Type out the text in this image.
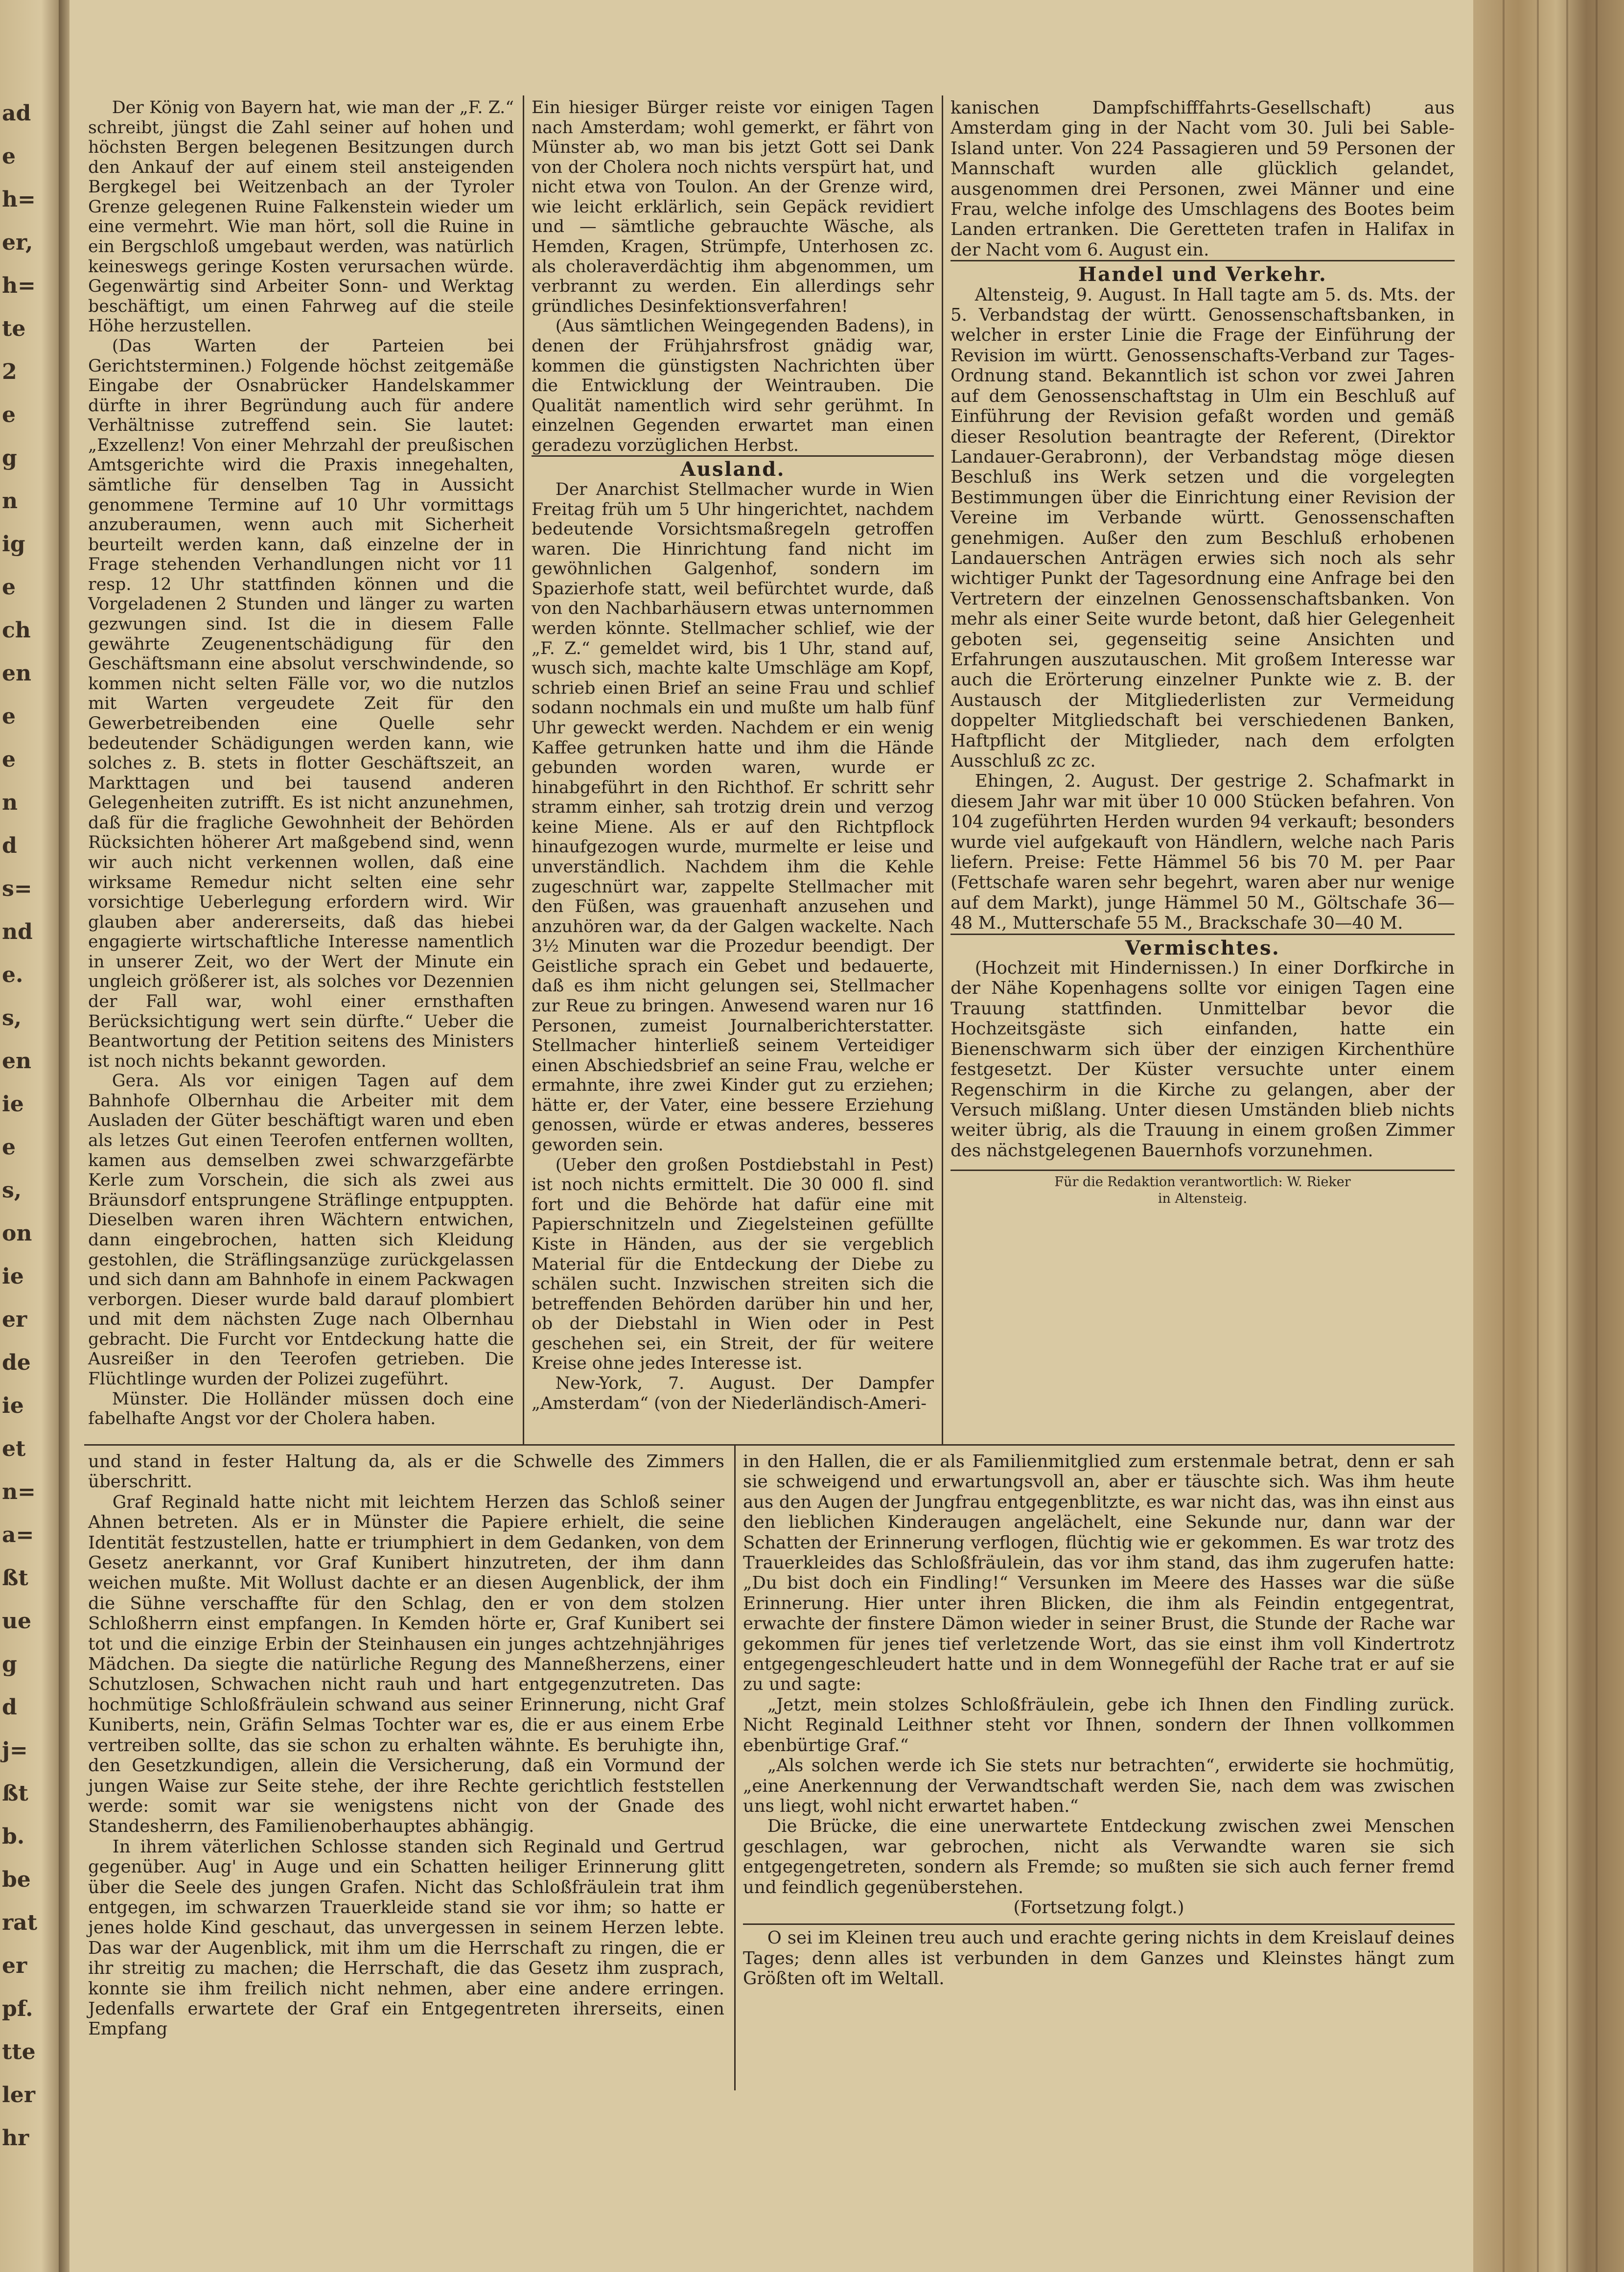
ad
e
h=
er,
h=
te
2
e
g
n
ig
e
ch
en
e
e
n
d
s=
nd
e.
s,
en
ie
e
s,
on
ie
er
de
ie
et
n=
a=
ßt
ue
g
d
j=
ßt
b.
be
rat
er
pf.
tte
ler
hr

Der König von Bayern hat, wie man der „F. Z.“ schreibt, jüngst die Zahl seiner auf hohen und höchsten Bergen belegenen Besitzungen durch den Ankauf der auf einem steil ansteigenden Bergkegel bei Weitzenbach an der Tyroler Grenze gelegenen Ruine Falkenstein wieder um eine vermehrt. Wie man hört, soll die Ruine in ein Bergschloß umgebaut werden, was natürlich keineswegs geringe Kosten verursachen würde. Gegenwärtig sind Arbeiter Sonn- und Werktag beschäftigt, um einen Fahrweg auf die steile Höhe herzustellen.

(Das Warten der Parteien bei Gerichtsterminen.) Folgende höchst zeitgemäße Eingabe der Osnabrücker Handelskammer dürfte in ihrer Begründung auch für andere Verhältnisse zutreffend sein. Sie lautet: „Exzellenz! Von einer Mehrzahl der preußischen Amtsgerichte wird die Praxis innegehalten, sämtliche für denselben Tag in Aussicht genommene Termine auf 10 Uhr vormittags anzuberaumen, wenn auch mit Sicherheit beurteilt werden kann, daß einzelne der in Frage stehenden Verhandlungen nicht vor 11 resp. 12 Uhr stattfinden können und die Vorgeladenen 2 Stunden und länger zu warten gezwungen sind. Ist die in diesem Falle gewährte Zeugenentschädigung für den Geschäftsmann eine absolut verschwindende, so kommen nicht selten Fälle vor, wo die nutzlos mit Warten vergeudete Zeit für den Gewerbetreibenden eine Quelle sehr bedeutender Schädigungen werden kann, wie solches z. B. stets in flotter Geschäftszeit, an Markttagen und bei tausend anderen Gelegenheiten zutrifft. Es ist nicht anzunehmen, daß für die fragliche Gewohnheit der Behörden Rücksichten höherer Art maßgebend sind, wenn wir auch nicht verkennen wollen, daß eine wirksame Remedur nicht selten eine sehr vorsichtige Ueberlegung erfordern wird. Wir glauben aber andererseits, daß das hiebei engagierte wirtschaftliche Interesse namentlich in unserer Zeit, wo der Wert der Minute ein ungleich größerer ist, als solches vor Dezennien der Fall war, wohl einer ernsthaften Berücksichtigung wert sein dürfte.“ Ueber die Beantwortung der Petition seitens des Ministers ist noch nichts bekannt geworden.

Gera. Als vor einigen Tagen auf dem Bahnhofe Olbernhau die Arbeiter mit dem Ausladen der Güter beschäftigt waren und eben als letzes Gut einen Teerofen entfernen wollten, kamen aus demselben zwei schwarzgefärbte Kerle zum Vorschein, die sich als zwei aus Bräunsdorf entsprungene Sträflinge entpuppten. Dieselben waren ihren Wächtern entwichen, dann eingebrochen, hatten sich Kleidung gestohlen, die Sträflingsanzüge zurückgelassen und sich dann am Bahnhofe in einem Packwagen verborgen. Dieser wurde bald darauf plombiert und mit dem nächsten Zuge nach Olbernhau gebracht. Die Furcht vor Entdeckung hatte die Ausreißer in den Teerofen getrieben. Die Flüchtlinge wurden der Polizei zugeführt.

Münster. Die Holländer müssen doch eine fabelhafte Angst vor der Cholera haben.

Ein hiesiger Bürger reiste vor einigen Tagen nach Amsterdam; wohl gemerkt, er fährt von Münster ab, wo man bis jetzt Gott sei Dank von der Cholera noch nichts verspürt hat, und nicht etwa von Toulon. An der Grenze wird, wie leicht erklärlich, sein Gepäck revidiert und — sämtliche gebrauchte Wäsche, als Hemden, Kragen, Strümpfe, Unterhosen zc. als choleraverdächtig ihm abgenommen, um verbrannt zu werden. Ein allerdings sehr gründliches Desinfektionsverfahren!

(Aus sämtlichen Weingegenden Badens), in denen der Frühjahrsfrost gnädig war, kommen die günstigsten Nachrichten über die Entwicklung der Weintrauben. Die Qualität namentlich wird sehr gerühmt. In einzelnen Gegenden erwartet man einen geradezu vorzüglichen Herbst.

Ausland.

Der Anarchist Stellmacher wurde in Wien Freitag früh um 5 Uhr hingerichtet, nachdem bedeutende Vorsichtsmaßregeln getroffen waren. Die Hinrichtung fand nicht im gewöhnlichen Galgenhof, sondern im Spazierhofe statt, weil befürchtet wurde, daß von den Nachbarhäusern etwas unternommen werden könnte. Stellmacher schlief, wie der „F. Z.“ gemeldet wird, bis 1 Uhr, stand auf, wusch sich, machte kalte Umschläge am Kopf, schrieb einen Brief an seine Frau und schlief sodann nochmals ein und mußte um halb fünf Uhr geweckt werden. Nachdem er ein wenig Kaffee getrunken hatte und ihm die Hände gebunden worden waren, wurde er hinabgeführt in den Richthof. Er schritt sehr stramm einher, sah trotzig drein und verzog keine Miene. Als er auf den Richtpflock hinaufgezogen wurde, murmelte er leise und unverständlich. Nachdem ihm die Kehle zugeschnürt war, zappelte Stellmacher mit den Füßen, was grauenhaft anzusehen und anzuhören war, da der Galgen wackelte. Nach 3½ Minuten war die Prozedur beendigt. Der Geistliche sprach ein Gebet und bedauerte, daß es ihm nicht gelungen sei, Stellmacher zur Reue zu bringen. Anwesend waren nur 16 Personen, zumeist Journalberichterstatter. Stellmacher hinterließ seinem Verteidiger einen Abschiedsbrief an seine Frau, welche er ermahnte, ihre zwei Kinder gut zu erziehen; hätte er, der Vater, eine bessere Erziehung genossen, würde er etwas anderes, besseres geworden sein.

(Ueber den großen Postdiebstahl in Pest) ist noch nichts ermittelt. Die 30 000 fl. sind fort und die Behörde hat dafür eine mit Papierschnitzeln und Ziegelsteinen gefüllte Kiste in Händen, aus der sie vergeblich Material für die Entdeckung der Diebe zu schälen sucht. Inzwischen streiten sich die betreffenden Behörden darüber hin und her, ob der Diebstahl in Wien oder in Pest geschehen sei, ein Streit, der für weitere Kreise ohne jedes Interesse ist.

New-York, 7. August. Der Dampfer „Amsterdam“ (von der Niederländisch-Ameri-

kanischen Dampfschifffahrts-Gesellschaft) aus Amsterdam ging in der Nacht vom 30. Juli bei Sable-Island unter. Von 224 Passagieren und 59 Personen der Mannschaft wurden alle glücklich gelandet, ausgenommen drei Personen, zwei Männer und eine Frau, welche infolge des Umschlagens des Bootes beim Landen ertranken. Die Geretteten trafen in Halifax in der Nacht vom 6. August ein.

Handel und Verkehr.

Altensteig, 9. August. In Hall tagte am 5. ds. Mts. der 5. Verbandstag der württ. Genossenschaftsbanken, in welcher in erster Linie die Frage der Einführung der Revision im württ. Genossenschafts-Verband zur Tages-Ordnung stand. Bekanntlich ist schon vor zwei Jahren auf dem Genossenschaftstag in Ulm ein Beschluß auf Einführung der Revision gefaßt worden und gemäß dieser Resolution beantragte der Referent, (Direktor Landauer-Gerabronn), der Verbandstag möge diesen Beschluß ins Werk setzen und die vorgelegten Bestimmungen über die Einrichtung einer Revision der Vereine im Verbande württ. Genossenschaften genehmigen. Außer den zum Beschluß erhobenen Landauerschen Anträgen erwies sich noch als sehr wichtiger Punkt der Tagesordnung eine Anfrage bei den Vertretern der einzelnen Genossenschaftsbanken. Von mehr als einer Seite wurde betont, daß hier Gelegenheit geboten sei, gegenseitig seine Ansichten und Erfahrungen auszutauschen. Mit großem Interesse war auch die Erörterung einzelner Punkte wie z. B. der Austausch der Mitgliederlisten zur Vermeidung doppelter Mitgliedschaft bei verschiedenen Banken, Haftpflicht der Mitglieder, nach dem erfolgten Ausschluß zc zc.

Ehingen, 2. August. Der gestrige 2. Schafmarkt in diesem Jahr war mit über 10 000 Stücken befahren. Von 104 zugeführten Herden wurden 94 verkauft; besonders wurde viel aufgekauft von Händlern, welche nach Paris liefern. Preise: Fette Hämmel 56 bis 70 M. per Paar (Fettschafe waren sehr begehrt, waren aber nur wenige auf dem Markt), junge Hämmel 50 M., Göltschafe 36—48 M., Mutterschafe 55 M., Brackschafe 30—40 M.

Vermischtes.

(Hochzeit mit Hindernissen.) In einer Dorfkirche in der Nähe Kopenhagens sollte vor einigen Tagen eine Trauung stattfinden. Unmittelbar bevor die Hochzeitsgäste sich einfanden, hatte ein Bienenschwarm sich über der einzigen Kirchenthüre festgesetzt. Der Küster versuchte unter einem Regenschirm in die Kirche zu gelangen, aber der Versuch mißlang. Unter diesen Umständen blieb nichts weiter übrig, als die Trauung in einem großen Zimmer des nächstgelegenen Bauernhofs vorzunehmen.

Für die Redaktion verantwortlich: W. Rieker

in Altensteig.

und stand in fester Haltung da, als er die Schwelle des Zimmers überschritt.

Graf Reginald hatte nicht mit leichtem Herzen das Schloß seiner Ahnen betreten. Als er in Münster die Papiere erhielt, die seine Identität festzustellen, hatte er triumphiert in dem Gedanken, von dem Gesetz anerkannt, vor Graf Kunibert hinzutreten, der ihm dann weichen mußte. Mit Wollust dachte er an diesen Augenblick, der ihm die Sühne verschaffte für den Schlag, den er von dem stolzen Schloßherrn einst empfangen. In Kemden hörte er, Graf Kunibert sei tot und die einzige Erbin der Steinhausen ein junges achtzehnjähriges Mädchen. Da siegte die natürliche Regung des Manneßherzens, einer Schutzlosen, Schwachen nicht rauh und hart entgegenzutreten. Das hochmütige Schloßfräulein schwand aus seiner Erinnerung, nicht Graf Kuniberts, nein, Gräfin Selmas Tochter war es, die er aus einem Erbe vertreiben sollte, das sie schon zu erhalten wähnte. Es beruhigte ihn, den Gesetzkundigen, allein die Versicherung, daß ein Vormund der jungen Waise zur Seite stehe, der ihre Rechte gerichtlich feststellen werde: somit war sie wenigstens nicht von der Gnade des Standesherrn, des Familienoberhauptes abhängig.

In ihrem väterlichen Schlosse standen sich Reginald und Gertrud gegenüber. Aug' in Auge und ein Schatten heiliger Erinnerung glitt über die Seele des jungen Grafen. Nicht das Schloßfräulein trat ihm entgegen, im schwarzen Trauerkleide stand sie vor ihm; so hatte er jenes holde Kind geschaut, das unvergessen in seinem Herzen lebte. Das war der Augenblick, mit ihm um die Herrschaft zu ringen, die er ihr streitig zu machen; die Herrschaft, die das Gesetz ihm zusprach, konnte sie ihm freilich nicht nehmen, aber eine andere erringen. Jedenfalls erwartete der Graf ein Entgegentreten ihrerseits, einen Empfang

in den Hallen, die er als Familienmitglied zum erstenmale betrat, denn er sah sie schweigend und erwartungsvoll an, aber er täuschte sich. Was ihm heute aus den Augen der Jungfrau entgegenblitzte, es war nicht das, was ihn einst aus den lieblichen Kinderaugen angelächelt, eine Sekunde nur, dann war der Schatten der Erinnerung verflogen, flüchtig wie er gekommen. Es war trotz des Trauerkleides das Schloßfräulein, das vor ihm stand, das ihm zugerufen hatte: „Du bist doch ein Findling!“ Versunken im Meere des Hasses war die süße Erinnerung. Hier unter ihren Blicken, die ihm als Feindin entgegentrat, erwachte der finstere Dämon wieder in seiner Brust, die Stunde der Rache war gekommen für jenes tief verletzende Wort, das sie einst ihm voll Kindertrotz entgegengeschleudert hatte und in dem Wonnegefühl der Rache trat er auf sie zu und sagte:

„Jetzt, mein stolzes Schloßfräulein, gebe ich Ihnen den Findling zurück. Nicht Reginald Leithner steht vor Ihnen, sondern der Ihnen vollkommen ebenbürtige Graf.“

„Als solchen werde ich Sie stets nur betrachten“, erwiderte sie hochmütig, „eine Anerkennung der Verwandtschaft werden Sie, nach dem was zwischen uns liegt, wohl nicht erwartet haben.“

Die Brücke, die eine unerwartete Entdeckung zwischen zwei Menschen geschlagen, war gebrochen, nicht als Verwandte waren sie sich entgegengetreten, sondern als Fremde; so mußten sie sich auch ferner fremd und feindlich gegenüberstehen.

(Fortsetzung folgt.)

O sei im Kleinen treu auch und erachte gering nichts in dem Kreislauf deines Tages; denn alles ist verbunden in dem Ganzes und Kleinstes hängt zum Größten oft im Weltall.
